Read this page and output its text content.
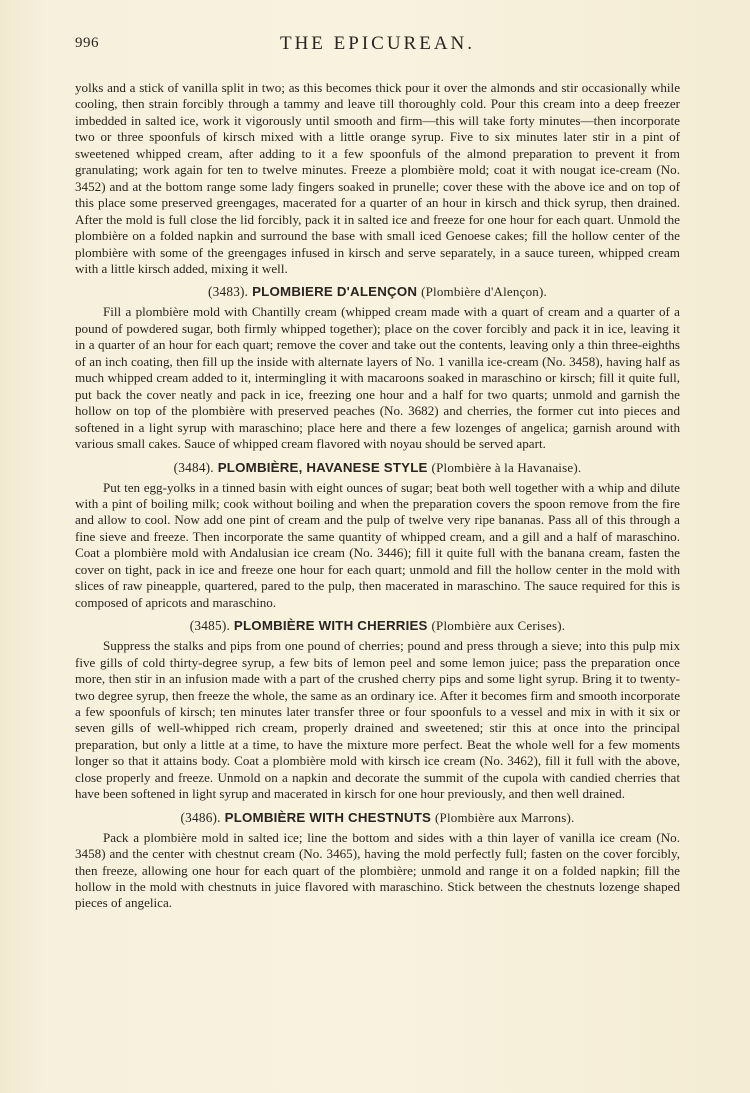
996	THE EPICUREAN.

yolks and a stick of vanilla split in two; as this becomes thick pour it over the almonds and stir occasionally while cooling, then strain forcibly through a tammy and leave till thoroughly cold. Pour this cream into a deep freezer imbedded in salted ice, work it vigorously until smooth and firm—this will take forty minutes—then incorporate two or three spoonfuls of kirsch mixed with a little orange syrup. Five to six minutes later stir in a pint of sweetened whipped cream, after adding to it a few spoonfuls of the almond preparation to prevent it from granulating; work again for ten to twelve minutes. Freeze a plombière mold; coat it with nougat ice-cream (No. 3452) and at the bottom range some lady fingers soaked in prunelle; cover these with the above ice and on top of this place some preserved greengages, macerated for a quarter of an hour in kirsch and thick syrup, then drained. After the mold is full close the lid forcibly, pack it in salted ice and freeze for one hour for each quart. Unmold the plombière on a folded napkin and surround the base with small iced Genoese cakes; fill the hollow center of the plombière with some of the greengages infused in kirsch and serve separately, in a sauce tureen, whipped cream with a little kirsch added, mixing it well.

(3483). PLOMBIERE D'ALENÇON (Plombière d'Alençon).

Fill a plombière mold with Chantilly cream (whipped cream made with a quart of cream and a quarter of a pound of powdered sugar, both firmly whipped together); place on the cover forcibly and pack it in ice, leaving it in a quarter of an hour for each quart; remove the cover and take out the contents, leaving only a thin three-eighths of an inch coating, then fill up the inside with alternate layers of No. 1 vanilla ice-cream (No. 3458), having half as much whipped cream added to it, intermingling it with macaroons soaked in maraschino or kirsch; fill it quite full, put back the cover neatly and pack in ice, freezing one hour and a half for two quarts; unmold and garnish the hollow on top of the plombière with preserved peaches (No. 3682) and cherries, the former cut into pieces and softened in a light syrup with maraschino; place here and there a few lozenges of angelica; garnish around with various small cakes. Sauce of whipped cream flavored with noyau should be served apart.

(3484). PLOMBIÈRE, HAVANESE STYLE (Plombière à la Havanaise).

Put ten egg-yolks in a tinned basin with eight ounces of sugar; beat both well together with a whip and dilute with a pint of boiling milk; cook without boiling and when the preparation covers the spoon remove from the fire and allow to cool. Now add one pint of cream and the pulp of twelve very ripe bananas. Pass all of this through a fine sieve and freeze. Then incorporate the same quantity of whipped cream, and a gill and a half of maraschino. Coat a plombière mold with Andalusian ice cream (No. 3446); fill it quite full with the banana cream, fasten the cover on tight, pack in ice and freeze one hour for each quart; unmold and fill the hollow center in the mold with slices of raw pineapple, quartered, pared to the pulp, then macerated in maraschino. The sauce required for this is composed of apricots and maraschino.

(3485). PLOMBIÈRE WITH CHERRIES (Plombière aux Cerises).

Suppress the stalks and pips from one pound of cherries; pound and press through a sieve; into this pulp mix five gills of cold thirty-degree syrup, a few bits of lemon peel and some lemon juice; pass the preparation once more, then stir in an infusion made with a part of the crushed cherry pips and some light syrup. Bring it to twenty-two degree syrup, then freeze the whole, the same as an ordinary ice. After it becomes firm and smooth incorporate a few spoonfuls of kirsch; ten minutes later transfer three or four spoonfuls to a vessel and mix in with it six or seven gills of well-whipped rich cream, properly drained and sweetened; stir this at once into the principal preparation, but only a little at a time, to have the mixture more perfect. Beat the whole well for a few moments longer so that it attains body. Coat a plombière mold with kirsch ice cream (No. 3462), fill it full with the above, close properly and freeze. Unmold on a napkin and decorate the summit of the cupola with candied cherries that have been softened in light syrup and macerated in kirsch for one hour previously, and then well drained.

(3486). PLOMBIÈRE WITH CHESTNUTS (Plombière aux Marrons).

Pack a plombière mold in salted ice; line the bottom and sides with a thin layer of vanilla ice cream (No. 3458) and the center with chestnut cream (No. 3465), having the mold perfectly full; fasten on the cover forcibly, then freeze, allowing one hour for each quart of the plombière; unmold and range it on a folded napkin; fill the hollow in the mold with chestnuts in juice flavored with maraschino. Stick between the chestnuts lozenge shaped pieces of angelica.
